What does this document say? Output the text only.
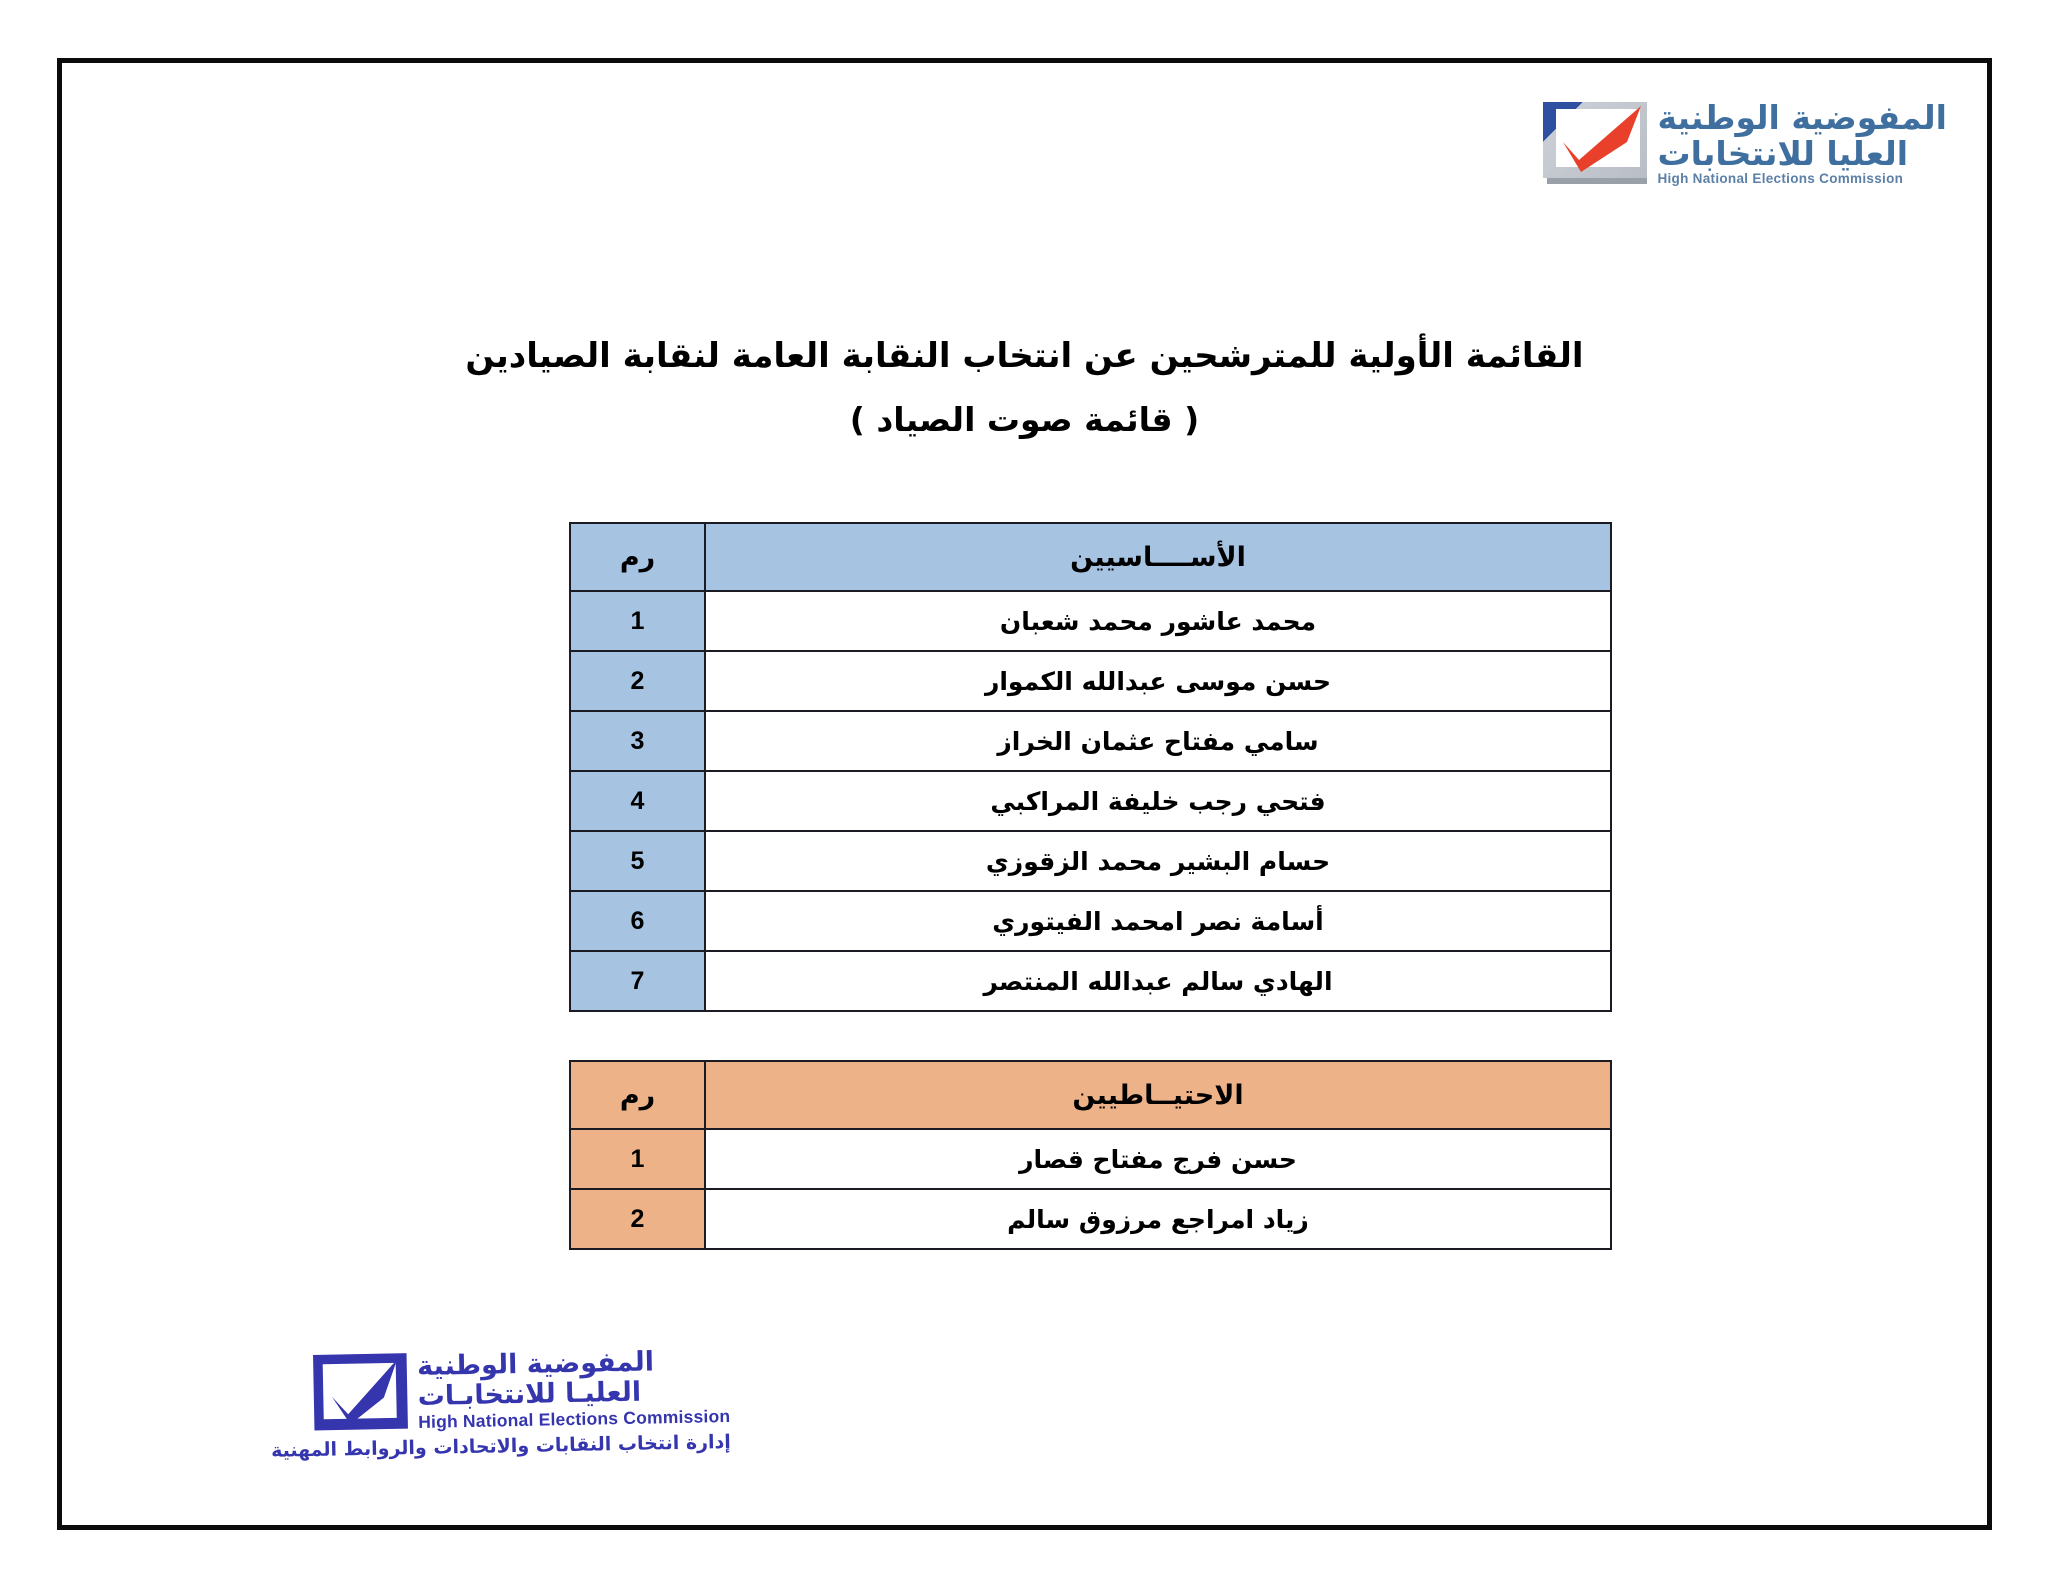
المفوضية الوطنية
العليا للانتخابات
High National Elections Commission
القائمة الأولية للمترشحين عن انتخاب النقابة العامة لنقابة الصيادين
( قائمة صوت الصياد )
الأســــاسيين	رم
محمد عاشور محمد شعبان	1
حسن موسى عبدالله الكموار	2
سامي مفتاح عثمان الخراز	3
فتحي رجب خليفة المراكبي	4
حسام البشير محمد الزقوزي	5
أسامة نصر امحمد الفيتوري	6
الهادي سالم عبدالله المنتصر	7
الاحتيــاطيين	رم
حسن فرج مفتاح قصار	1
زياد امراجع مرزوق سالم	2
المفوضية الوطنية
العليـا للانتخابـات
High National Elections Commission
إدارة انتخاب النقابات والاتحادات والروابط المهنية
